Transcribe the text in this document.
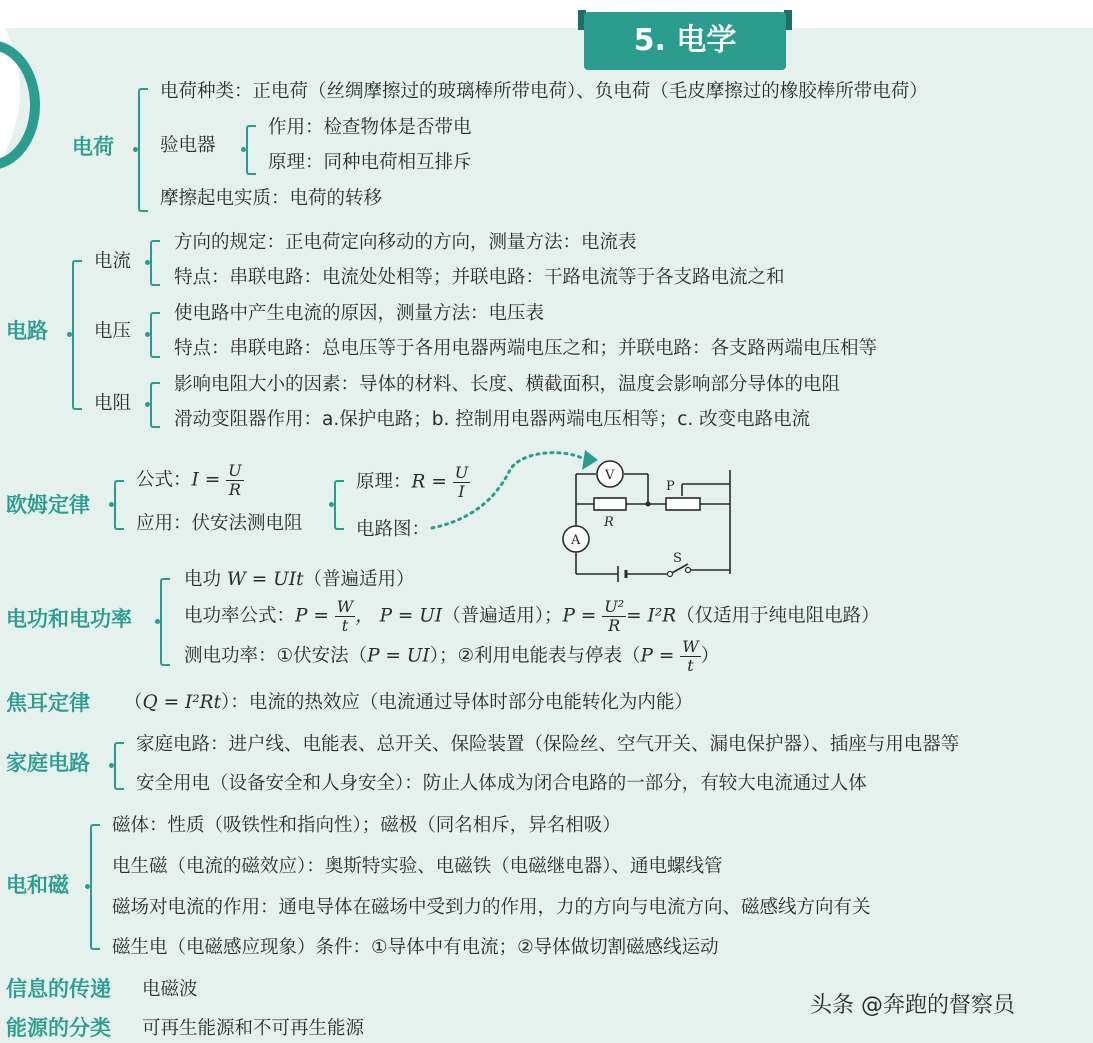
5. 电学
电荷
电荷种类：正电荷（丝绸摩擦过的玻璃棒所带电荷）、负电荷（毛皮摩擦过的橡胶棒所带电荷）
验电器
作用：检查物体是否带电
原理：同种电荷相互排斥
摩擦起电实质：电荷的转移
电路
电流
方向的规定：正电荷定向移动的方向，测量方法：电流表
特点：串联电路：电流处处相等；并联电路：干路电流等于各支路电流之和
电压
使电路中产生电流的原因，测量方法：电压表
特点：串联电路：总电压等于各用电器两端电压之和；并联电路：各支路两端电压相等
电阻
影响电阻大小的因素：导体的材料、长度、横截面积，温度会影响部分导体的电阻
滑动变阻器作用：a.保护电路；b. 控制用电器两端电压相等；c. 改变电路电流
欧姆定律
公式：$I = \frac{U}{R}$
应用：伏安法测电阻
原理：$R = \frac{U}{I}$
电路图：
V
A
R
P
S
电功和电功率
电功 W = UIt（普遍适用）
电功率公式：$P = \frac{W}{t}$ ， P = UI（普遍适用）；$P = \frac{\text{U²}}{R} = I^2R$（仅适用于纯电阻电路）
测电功率：①伏安法（P = UI）；②利用电能表与停表（$P = \frac{W}{t}$ ）
焦耳定律 （Q = I²Rt）：电流的热效应（电流通过导体时部分电能转化为内能）
家庭电路
家庭电路：进户线、电能表、总开关、保险装置（保险丝、空气开关、漏电保护器）、插座与用电器等
安全用电（设备安全和人身安全）：防止人体成为闭合电路的一部分，有较大电流通过人体
电和磁
磁体：性质（吸铁性和指向性）；磁极（同名相斥，异名相吸）
电生磁（电流的磁效应）：奥斯特实验、电磁铁（电磁继电器）、通电螺线管
磁场对电流的作用：通电导体在磁场中受到力的作用，力的方向与电流方向、磁感线方向有关
磁生电（电磁感应现象）条件：①导体中有电流；②导体做切割磁感线运动
信息的传递 电磁波
能源的分类 可再生能源和不可再生能源
头条 @奔跑的督察员
